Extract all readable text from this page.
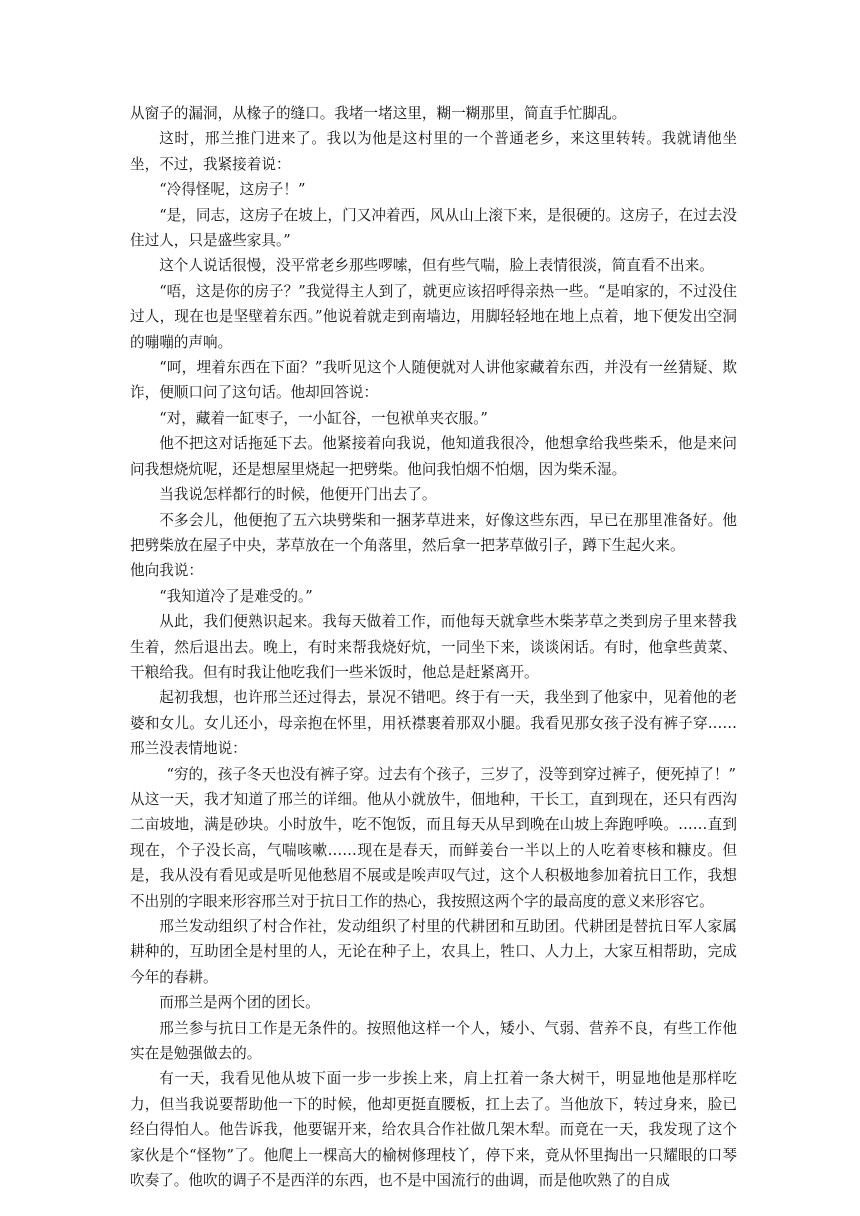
从窗子的漏洞，从椽子的缝口。我堵一堵这里，糊一糊那里，简直手忙脚乱。

这时，邢兰推门进来了。我以为他是这村里的一个普通老乡，来这里转转。我就请他坐坐，不过，我紧接着说：

“冷得怪呢，这房子！”

“是，同志，这房子在坡上，门又冲着西，风从山上滚下来，是很硬的。这房子，在过去没住过人，只是盛些家具。”

这个人说话很慢，没平常老乡那些啰嗦，但有些气喘，脸上表情很淡，简直看不出来。

“唔，这是你的房子？”我觉得主人到了，就更应该招呼得亲热一些。“是咱家的，不过没住过人，现在也是坚壁着东西。”他说着就走到南墙边，用脚轻轻地在地上点着，地下便发出空洞的嘣嘣的声响。

“呵，埋着东西在下面？”我听见这个人随便就对人讲他家藏着东西，并没有一丝猜疑、欺诈，便顺口问了这句话。他却回答说：

“对，藏着一缸枣子，一小缸谷，一包袱单夹衣服。”

他不把这对话拖延下去。他紧接着向我说，他知道我很冷，他想拿给我些柴禾，他是来问问我想烧炕呢，还是想屋里烧起一把劈柴。他问我怕烟不怕烟，因为柴禾湿。

当我说怎样都行的时候，他便开门出去了。

不多会儿，他便抱了五六块劈柴和一捆茅草进来，好像这些东西，早已在那里准备好。他把劈柴放在屋子中央，茅草放在一个角落里，然后拿一把茅草做引子，蹲下生起火来。

他向我说：

“我知道冷了是难受的。”

从此，我们便熟识起来。我每天做着工作，而他每天就拿些木柴茅草之类到房子里来替我生着，然后退出去。晚上，有时来帮我烧好炕，一同坐下来，谈谈闲话。有时，他拿些黄菜、干粮给我。但有时我让他吃我们一些米饭时，他总是赶紧离开。

起初我想，也许邢兰还过得去，景况不错吧。终于有一天，我坐到了他家中，见着他的老婆和女儿。女儿还小，母亲抱在怀里，用袄襟裹着那双小腿。我看见那女孩子没有裤子穿……邢兰没表情地说：

“穷的，孩子冬天也没有裤子穿。过去有个孩子，三岁了，没等到穿过裤子，便死掉了！”

从这一天，我才知道了邢兰的详细。他从小就放牛，佃地种，干长工，直到现在，还只有西沟二亩坡地，满是砂块。小时放牛，吃不饱饭，而且每天从早到晚在山坡上奔跑呼唤。……直到现在，个子没长高，气喘咳嗽……现在是春天，而鲜姜台一半以上的人吃着枣核和糠皮。但是，我从没有看见或是听见他愁眉不展或是唉声叹气过，这个人积极地参加着抗日工作，我想不出别的字眼来形容邢兰对于抗日工作的热心，我按照这两个字的最高度的意义来形容它。

邢兰发动组织了村合作社，发动组织了村里的代耕团和互助团。代耕团是替抗日军人家属耕种的，互助团全是村里的人，无论在种子上，农具上，牲口、人力上，大家互相帮助，完成今年的春耕。

而邢兰是两个团的团长。

邢兰参与抗日工作是无条件的。按照他这样一个人，矮小、气弱、营养不良，有些工作他实在是勉强做去的。

有一天，我看见他从坡下面一步一步挨上来，肩上扛着一条大树干，明显地他是那样吃力，但当我说要帮助他一下的时候，他却更挺直腰板，扛上去了。当他放下，转过身来，脸已经白得怕人。他告诉我，他要锯开来，给农具合作社做几架木犁。而竟在一天，我发现了这个家伙是个“怪物”了。他爬上一棵高大的榆树修理枝丫，停下来，竟从怀里掏出一只耀眼的口琴吹奏了。他吹的调子不是西洋的东西，也不是中国流行的曲调，而是他吹熟了的自成
